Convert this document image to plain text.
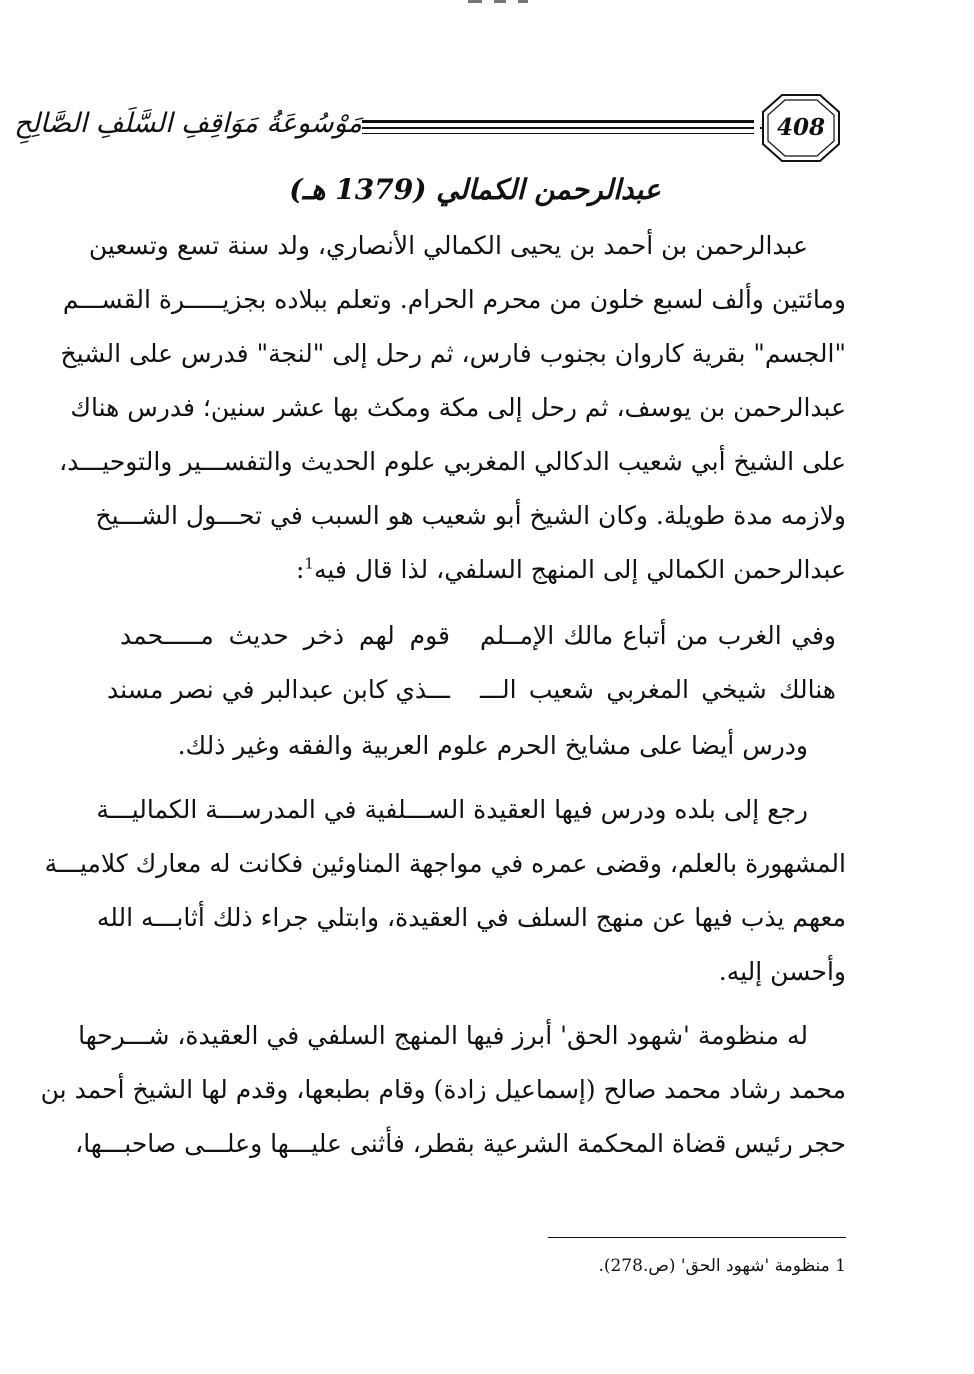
مَوْسُوعَةُ مَوَاقِفِ السَّلَفِ الصَّالِحِ	408
عبدالرحمن الكمالي (1379 هـ)
عبدالرحمن بن أحمد بن يحيى الكمالي الأنصاري، ولد سنة تسع وتسعين
ومائتين وألف لسبع خلون من محرم الحرام. وتعلم ببلاده بجزيـــــرة القســـم
"الجسم" بقرية كاروان بجنوب فارس، ثم رحل إلى "لنجة" فدرس على الشيخ
عبدالرحمن بن يوسف، ثم رحل إلى مكة ومكث بها عشر سنين؛ فدرس هناك
على الشيخ أبي شعيب الدكالي المغربي علوم الحديث والتفســـير والتوحيـــد،
ولازمه مدة طويلة. وكان الشيخ أبو شعيب هو السبب في تحـــول الشـــيخ
عبدالرحمن الكمالي إلى المنهج السلفي، لذا قال فيه$^1$:
وفي الغرب من أتباع مالك الإمــلم
قوم لهم ذخر حديث مـــــحمد
هنالك شيخي المغربي شعيب الـــ
ـــذي كابن عبدالبر في نصر مسند
ودرس أيضا على مشايخ الحرم علوم العربية والفقه وغير ذلك.
رجع إلى بلده ودرس فيها العقيدة الســـلفية في المدرســـة الكماليـــة
المشهورة بالعلم، وقضى عمره في مواجهة المناوئين فكانت له معارك كلاميـــة
معهم يذب فيها عن منهج السلف في العقيدة، وابتلي جراء ذلك أثابـــه الله
وأحسن إليه.
له منظومة 'شهود الحق' أبرز فيها المنهج السلفي في العقيدة، شـــرحها
محمد رشاد محمد صالح (إسماعيل زادة) وقام بطبعها، وقدم لها الشيخ أحمد بن
حجر رئيس قضاة المحكمة الشرعية بقطر، فأثنى عليـــها وعلـــى صاحبـــها،
1 منظومة 'شهود الحق' (ص.278).
